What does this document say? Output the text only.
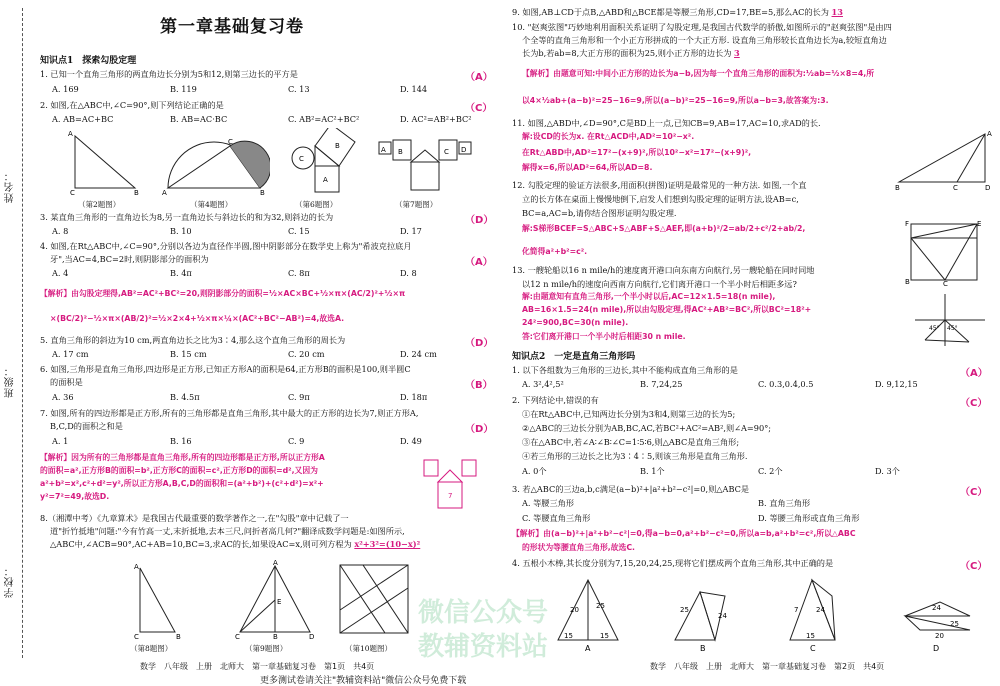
姓名：
班级：
学校：
第一章基础复习卷
知识点1　探索勾股定理
1. 已知一个直角三角形的两直角边长分别为5和12,则第三边长的平方是	（A）
A. 169	B. 119	C. 13	D. 144
2. 如图,在△ABC中,∠C=90°,则下列结论正确的是	（C）
A. AB=AC+BC	B. AB=AC·BC	C. AB²=AC²+BC²	D. AC²=AB²+BC²
C	B
A
A	B
C
C
A
B	A B	C D
（第2题图）	（第4题图）	（第6题图）	（第7题图）
3. 某直角三角形的一直角边长为8,另一直角边长与斜边长的和为32,则斜边的长为	（D）
A. 8	B. 10	C. 15	D. 17
4. 如图,在Rt△ABC中,∠C=90°,分别以各边为直径作半圆,图中阴影部分在数学史上称为"希波克拉底月
牙",当AC=4,BC=2时,则阴影部分的面积为	（A）
A. 4	B. 4π	C. 8π	D. 8
【解析】由勾股定理得,AB²=AC²+BC²=20,则阴影部分的面积=½×AC×BC+½×π×(AC/2)²+½×π
×(BC/2)²−½×π×(AB/2)²=½×2×4+½×π×¼×(AC²+BC²−AB²)=4,故选A.
5. 直角三角形的斜边为10 cm,两直角边长之比为3∶4,那么这个直角三角形的周长为	（D）
A. 17 cm	B. 15 cm	C. 20 cm	D. 24 cm
6. 如图,三角形是直角三角形,四边形是正方形,已知正方形A的面积是64,正方形B的面积是100,则半圆C
的面积是	（B）
A. 36	B. 4.5π	C. 9π	D. 18π
7. 如图,所有的四边形都是正方形,所有的三角形都是直角三角形,其中最大的正方形的边长为7,则正方形A,
B,C,D的面积之和是	（D）
A. 1	B. 16	C. 9	D. 49
【解析】因为所有的三角形都是直角三角形,所有的四边形都是正方形,所以正方形A
的面积=a²,正方形B的面积=b²,正方形C的面积=c²,正方形D的面积=d²,又因为
a²+b²=x²,c²+d²=y²,所以正方形A,B,C,D的面积和=(a²+b²)+(c²+d²)=x²+
y²=7²=49,故选D.	7
8.（湘潭中考）《九章算术》是我国古代最重要的数学著作之一,在"勾股"章中记载了一
道"折竹抵地"问题:"今有竹高一丈,末折抵地,去本三尺,问折者高几何?"翻译成数学问题是:如图所示,
△ABC中,∠ACB=90°,AC+AB=10,BC=3,求AC的长,如果设AC=x,则可列方程为 x²+3²=(10−x)²
C	B
A
C	B	D
A
E
（第8题图）	（第9题图）	（第10题图）
数学　八年级　上册　北师大　第一章基础复习卷　第1页　共4页
9. 如图,AB⊥CD于点B,△ABD和△BCE都是等腰三角形,CD=17,BE=5,那么AC的长为 13
10. "赵爽弦图"巧妙地利用面积关系证明了勾股定理,是我国古代数学的骄傲,如图所示的"赵爽弦图"是由四
个全等的直角三角形和一个小正方形拼成的一个大正方形. 设直角三角形较长直角边长为a,较短直角边
长为b,若ab=8,大正方形的面积为25,则小正方形的边长为 3
【解析】由题意可知:中间小正方形的边长为a−b,因为每一个直角三角形的面积为:½ab=½×8=4,所
以4×½ab+(a−b)²=25−16=9,所以(a−b)²=25−16=9,所以a−b=3,故答案为:3.
11. 如图,△ABD中,∠D=90°,C是BD上一点,已知CB=9,AB=17,AC=10,求AD的长.
解:设CD的长为x. 在Rt△ACD中,AD²=10²−x².
在Rt△ABD中,AD²=17²−(x+9)²,所以10²−x²=17²−(x+9)²,
解得x=6,所以AD²=64,所以AD=8.
B	C	D
A
12. 勾股定理的验证方法很多,用面积(拼图)证明是最常见的一种方法. 如图,一个直
立的长方体在桌面上慢慢地倒下,启发人们想到勾股定理的证明方法,设AB=c,
BC=a,AC=b,请你结合图形证明勾股定理.
解:S梯形BCEF=S△ABC+S△ABF+S△AEF,即(a+b)²/2=ab/2+c²/2+ab/2,
化简得a²+b²=c².
F	E
B	C
13. 一艘轮船以16 n mile/h的速度离开港口向东南方向航行,另一艘轮船在同时同地
以12 n mile/h的速度向西南方向航行,它们离开港口一个半小时后相距多远?
解:由题意知有直角三角形,一个半小时以后,AC=12×1.5=18(n mile),
AB=16×1.5=24(n mile),所以由勾股定理,得AC²+AB²=BC²,所以BC²=18²+
24²=900,BC=30(n mile).
答:它们离开港口一个半小时后相距30 n mile.
45°
45°
知识点2　一定是直角三角形吗
1. 以下各组数为三角形的三边长,其中不能构成直角三角形的是	（A）
A. 3²,4²,5²	B. 7,24,25	C. 0.3,0.4,0.5	D. 9,12,15
2. 下列结论中,错误的有	（C）
①在Rt△ABC中,已知两边长分别为3和4,则第三边的长为5;
②△ABC的三边长分别为AB,BC,AC,若BC²+AC²=AB²,则∠A=90°;
③在△ABC中,若∠A∶∠B∶∠C=1∶5∶6,则△ABC是直角三角形;
④若三角形的三边长之比为3∶4∶5,则该三角形是直角三角形.
A. 0个	B. 1个	C. 2个	D. 3个
3. 若△ABC的三边a,b,c满足(a−b)²+|a²+b²−c²|=0,则△ABC是	（C）
A. 等腰三角形	B. 直角三角形
C. 等腰直角三角形	D. 等腰三角形或直角三角形
【解析】由(a−b)²+|a²+b²−c²|=0,得a−b=0,a²+b²−c²=0,所以a=b,a²+b²=c²,所以△ABC
的形状为等腰直角三角形,故选C.
4. 五根小木棒,其长度分别为7,15,20,24,25,现将它们摆成两个直角三角形,其中正确的是	（C）
20 25
15	15
A
25
24
B
7	24
15
C
24
25
20
D
数学　八年级　上册　北师大　第一章基础复习卷　第2页　共4页
微信公众号
教辅资料站
更多测试卷请关注"教辅资料站"微信公众号免费下载
